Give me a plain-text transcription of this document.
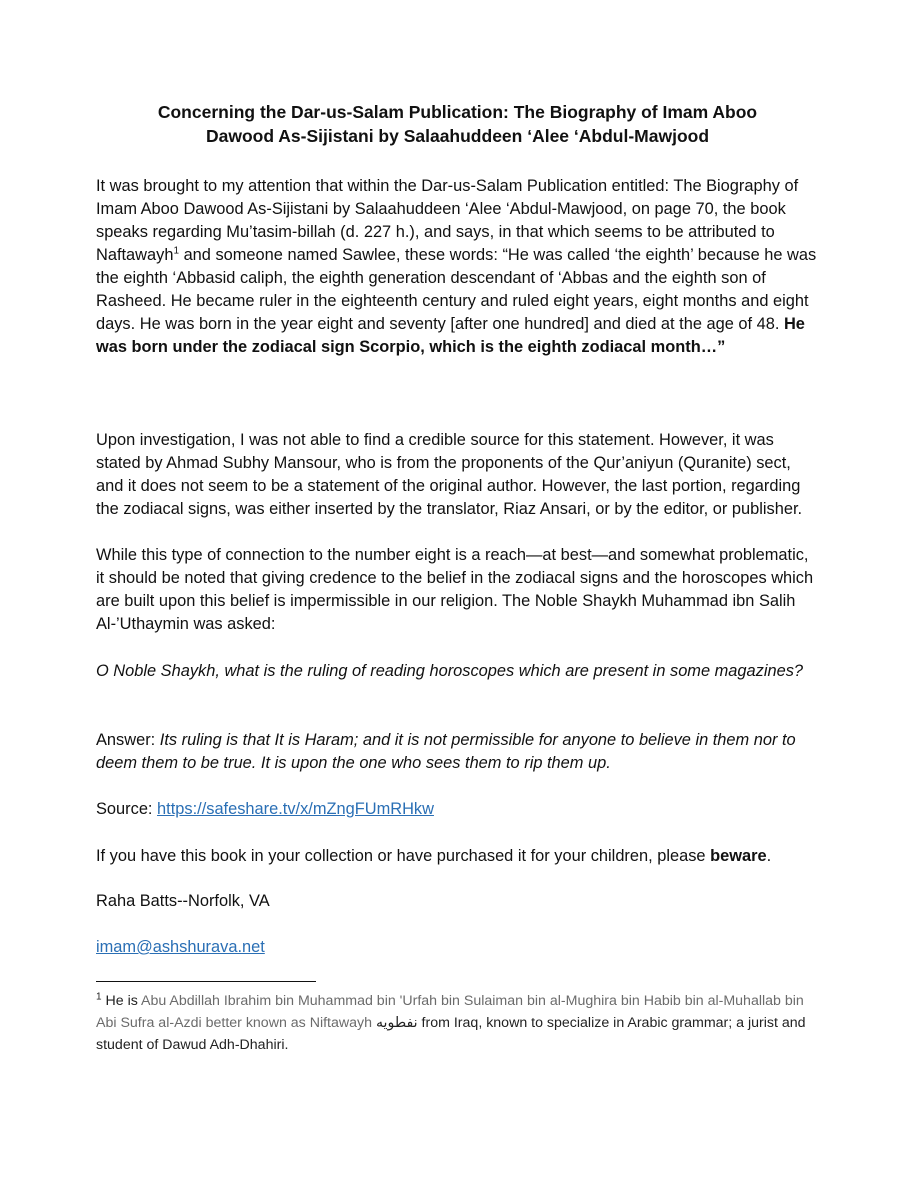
Concerning the Dar-us-Salam Publication: The Biography of Imam Aboo
Dawood As-Sijistani by Salaahuddeen ‘Alee ‘Abdul-Mawjood
It was brought to my attention that within the Dar-us-Salam Publication entitled: The Biography of Imam Aboo Dawood As-Sijistani by Salaahuddeen ‘Alee ‘Abdul-Mawjood, on page 70, the book speaks regarding Mu’tasim-billah (d. 227 h.), and says, in that which seems to be attributed to Naftawayh$^1$ and someone named Sawlee, these words: “He was called ‘the eighth’ because he was the eighth ‘Abbasid caliph, the eighth generation descendant of ‘Abbas and the eighth son of Rasheed. He became ruler in the eighteenth century and ruled eight years, eight months and eight days. He was born in the year eight and seventy [after one hundred] and died at the age of 48. He was born under the zodiacal sign Scorpio, which is the eighth zodiacal month…”
Upon investigation, I was not able to find a credible source for this statement. However, it was stated by Ahmad Subhy Mansour, who is from the proponents of the Qur’aniyun (Quranite) sect, and it does not seem to be a statement of the original author. However, the last portion, regarding the zodiacal signs, was either inserted by the translator, Riaz Ansari, or by the editor, or publisher.
While this type of connection to the number eight is a reach—at best—and somewhat problematic, it should be noted that giving credence to the belief in the zodiacal signs and the horoscopes which are built upon this belief is impermissible in our religion. The Noble Shaykh Muhammad ibn Salih Al-’Uthaymin was asked:
O Noble Shaykh, what is the ruling of reading horoscopes which are present in some magazines?
Answer: Its ruling is that It is Haram; and it is not permissible for anyone to believe in them nor to deem them to be true. It is upon the one who sees them to rip them up.
Source: https://safeshare.tv/x/mZngFUmRHkw
If you have this book in your collection or have purchased it for your children, please beware.
Raha Batts--Norfolk, VA
imam@ashshurava.net
$^1$ He is Abu Abdillah Ibrahim bin Muhammad bin 'Urfah bin Sulaiman bin al-Mughira bin Habib bin al-Muhallab bin Abi Sufra al-Azdi better known as Niftawayh نفطويه from Iraq, known to specialize in Arabic grammar; a jurist and student of Dawud Adh-Dhahiri.
